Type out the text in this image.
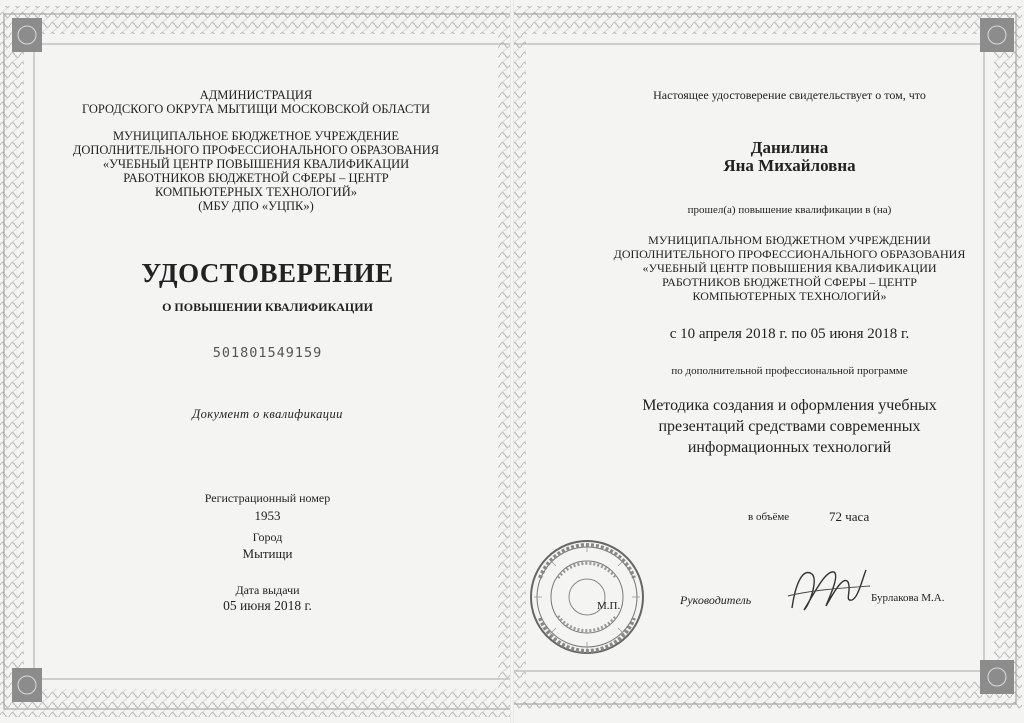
АДМИНИСТРАЦИЯ
ГОРОДСКОГО ОКРУГА МЫТИЩИ МОСКОВСКОЙ ОБЛАСТИ
МУНИЦИПАЛЬНОЕ БЮДЖЕТНОЕ УЧРЕЖДЕНИЕ
ДОПОЛНИТЕЛЬНОГО ПРОФЕССИОНАЛЬНОГО ОБРАЗОВАНИЯ
«УЧЕБНЫЙ ЦЕНТР ПОВЫШЕНИЯ КВАЛИФИКАЦИИ
РАБОТНИКОВ БЮДЖЕТНОЙ СФЕРЫ – ЦЕНТР
КОМПЬЮТЕРНЫХ ТЕХНОЛОГИЙ»
(МБУ ДПО «УЦПК»)
УДОСТОВЕРЕНИЕ
О ПОВЫШЕНИИ КВАЛИФИКАЦИИ
501801549159
Документ о квалификации
Регистрационный номер
1953
Город
Мытищи
Дата выдачи
05 июня 2018 г.
Настоящее удостоверение свидетельствует о том, что
Данилина
Яна Михайловна
прошел(а) повышение квалификации в (на)
МУНИЦИПАЛЬНОМ БЮДЖЕТНОМ УЧРЕЖДЕНИИ
ДОПОЛНИТЕЛЬНОГО ПРОФЕССИОНАЛЬНОГО ОБРАЗОВАНИЯ
«УЧЕБНЫЙ ЦЕНТР ПОВЫШЕНИЯ КВАЛИФИКАЦИИ
РАБОТНИКОВ БЮДЖЕТНОЙ СФЕРЫ – ЦЕНТР
КОМПЬЮТЕРНЫХ ТЕХНОЛОГИЙ»
с 10 апреля 2018 г. по 05 июня 2018 г.
по дополнительной профессиональной программе
Методика создания и оформления учебных
презентаций средствами современных
информационных технологий
в объёме	72 часа
М.П.	Руководитель	Бурлакова М.А.
